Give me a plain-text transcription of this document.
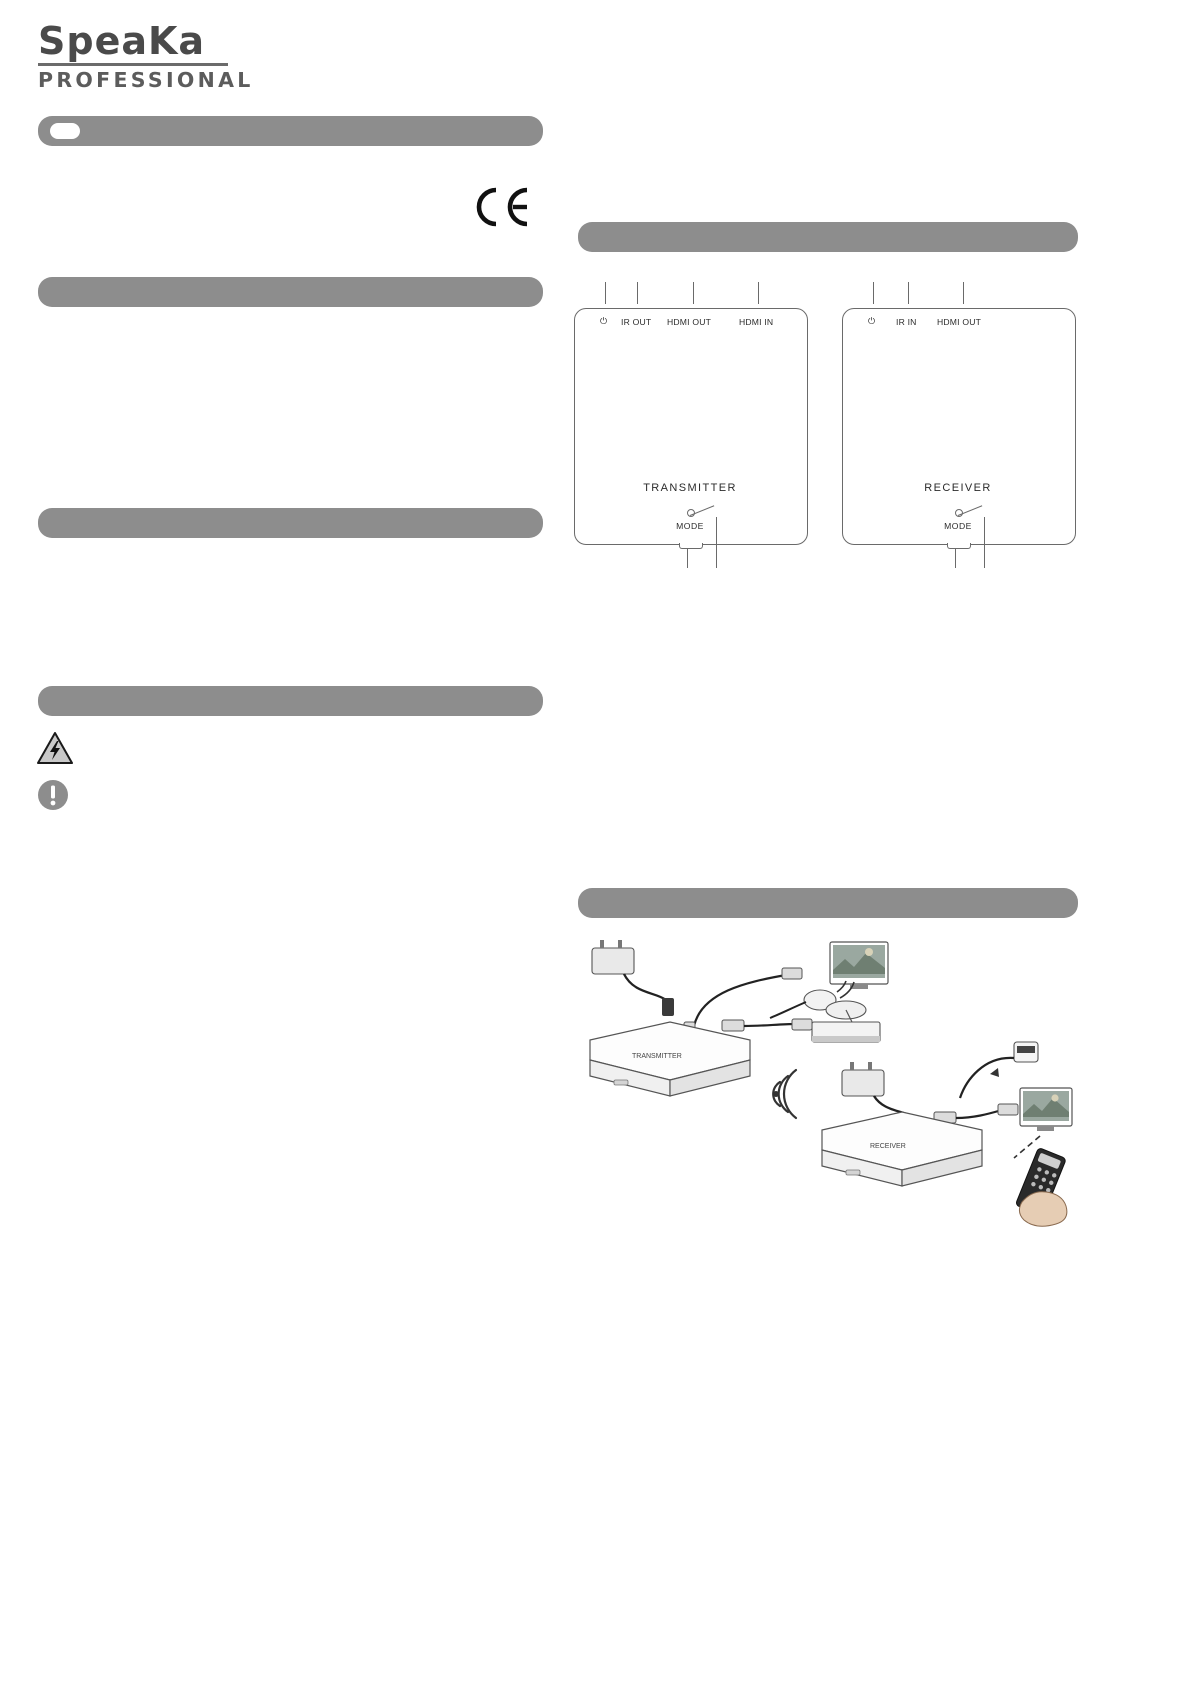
SpeaKa
PROFESSIONAL
⏻ IR OUT HDMI OUT	HDMI IN
TRANSMITTER
MODE
⏻ IR IN HDMI OUT
RECEIVER
MODE
TRANSMITTER
RECEIVER
